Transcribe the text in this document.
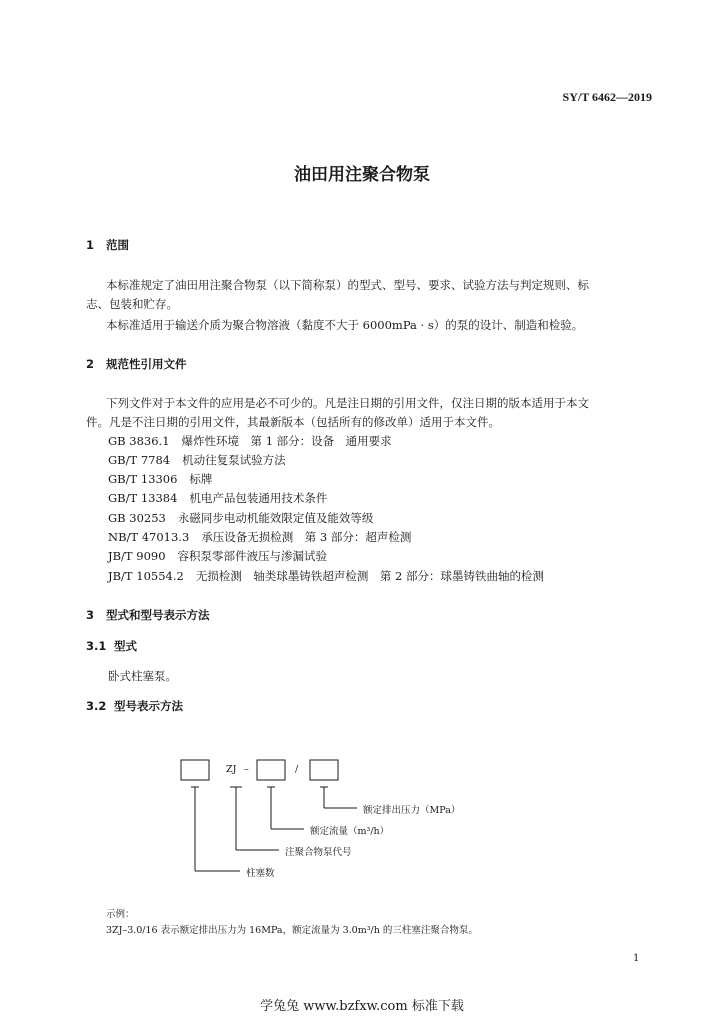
SY/T 6462—2019
油田用注聚合物泵
1 范围
本标准规定了油田用注聚合物泵（以下简称泵）的型式、型号、要求、试验方法与判定规则、标
志、包装和贮存。
本标准适用于输送介质为聚合物溶液（黏度不大于 6000mPa · s）的泵的设计、制造和检验。
2 规范性引用文件
下列文件对于本文件的应用是必不可少的。凡是注日期的引用文件，仅注日期的版本适用于本文
件。凡是不注日期的引用文件，其最新版本（包括所有的修改单）适用于本文件。
GB 3836.1 爆炸性环境　第 1 部分：设备　通用要求
GB/T 7784 机动往复泵试验方法
GB/T 13306 标牌
GB/T 13384 机电产品包装通用技术条件
GB 30253 永磁同步电动机能效限定值及能效等级
NB/T 47013.3 承压设备无损检测　第 3 部分：超声检测
JB/T 9090 容积泵零部件液压与渗漏试验
JB/T 10554.2 无损检测　轴类球墨铸铁超声检测　第 2 部分：球墨铸铁曲轴的检测
3 型式和型号表示方法
3.1 型式
卧式柱塞泵。
3.2 型号表示方法
ZJ –	/
额定排出压力（MPa）
额定流量（m³/h）
注聚合物泵代号
柱塞数
示例：
3ZJ–3.0/16 表示额定排出压力为 16MPa，额定流量为 3.0m³/h 的三柱塞注聚合物泵。
1
学兔兔 www.bzfxw.com 标准下载
